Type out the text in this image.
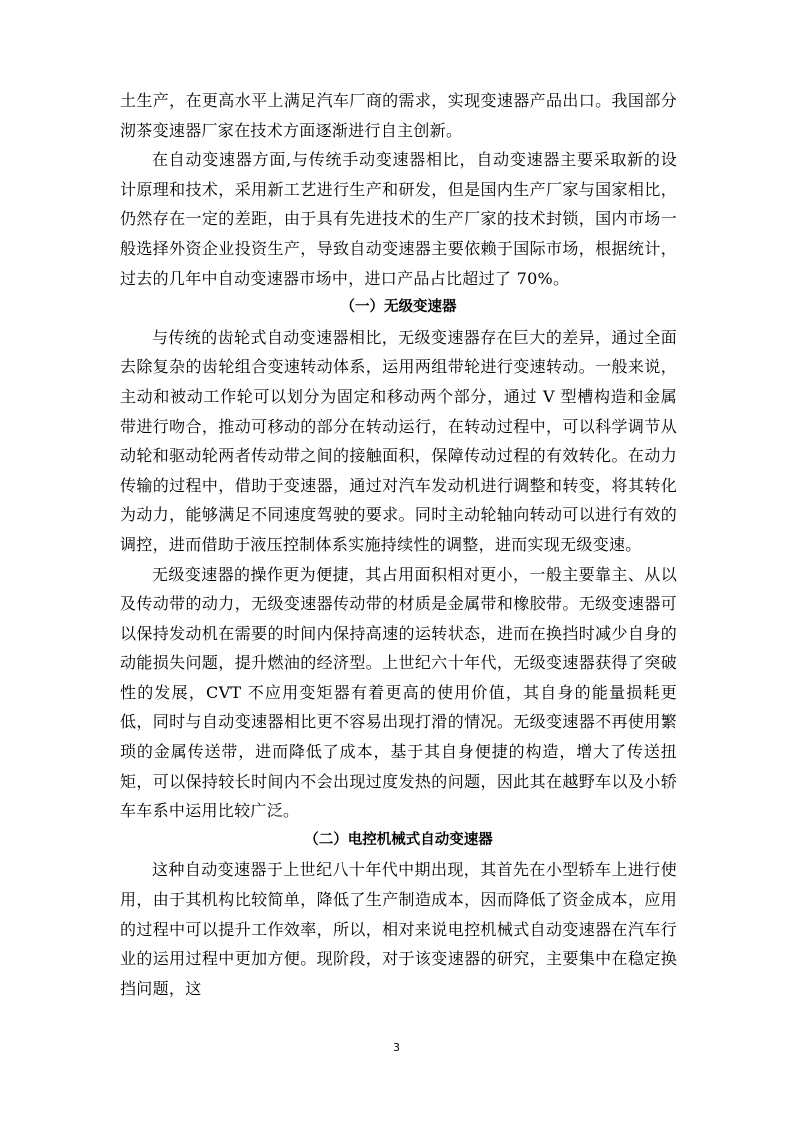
土生产，在更高水平上满足汽车厂商的需求，实现变速器产品出口。我国部分沏茶变速器厂家在技术方面逐渐进行自主创新。

在自动变速器方面,与传统手动变速器相比，自动变速器主要采取新的设计原理和技术，采用新工艺进行生产和研发，但是国内生产厂家与国家相比，仍然存在一定的差距，由于具有先进技术的生产厂家的技术封锁，国内市场一般选择外资企业投资生产，导致自动变速器主要依赖于国际市场，根据统计，过去的几年中自动变速器市场中，进口产品占比超过了 70%。

（一）无级变速器

与传统的齿轮式自动变速器相比，无级变速器存在巨大的差异，通过全面去除复杂的齿轮组合变速转动体系，运用两组带轮进行变速转动。一般来说，主动和被动工作轮可以划分为固定和移动两个部分，通过 V 型槽构造和金属带进行吻合，推动可移动的部分在转动运行，在转动过程中，可以科学调节从动轮和驱动轮两者传动带之间的接触面积，保障传动过程的有效转化。在动力传输的过程中，借助于变速器，通过对汽车发动机进行调整和转变，将其转化为动力，能够满足不同速度驾驶的要求。同时主动轮轴向转动可以进行有效的调控，进而借助于液压控制体系实施持续性的调整，进而实现无级变速。

无级变速器的操作更为便捷，其占用面积相对更小，一般主要靠主、从以及传动带的动力，无级变速器传动带的材质是金属带和橡胶带。无级变速器可以保持发动机在需要的时间内保持高速的运转状态，进而在换挡时减少自身的动能损失问题，提升燃油的经济型。上世纪六十年代，无级变速器获得了突破性的发展，CVT 不应用变矩器有着更高的使用价值，其自身的能量损耗更低，同时与自动变速器相比更不容易出现打滑的情况。无级变速器不再使用繁琐的金属传送带，进而降低了成本，基于其自身便捷的构造，增大了传送扭矩，可以保持较长时间内不会出现过度发热的问题，因此其在越野车以及小轿车车系中运用比较广泛。

（二）电控机械式自动变速器

这种自动变速器于上世纪八十年代中期出现，其首先在小型轿车上进行使用，由于其机构比较简单，降低了生产制造成本，因而降低了资金成本，应用的过程中可以提升工作效率，所以，相对来说电控机械式自动变速器在汽车行业的运用过程中更加方便。现阶段，对于该变速器的研究，主要集中在稳定换挡问题，这

3
